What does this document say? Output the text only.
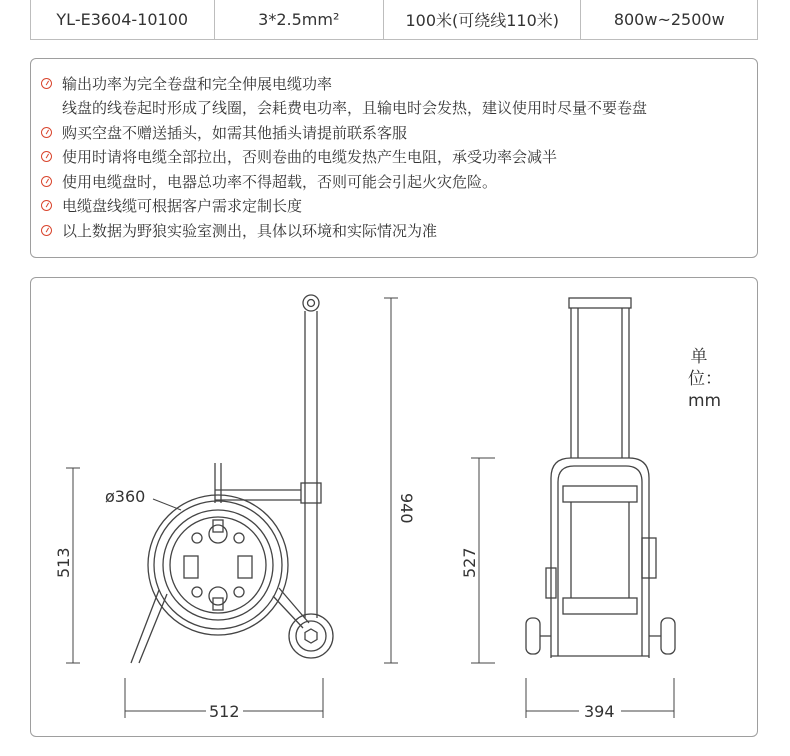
YL-E3604-10100	3*2.5mm²	100米(可绕线110米)	800w~2500w
输出功率为完全卷盘和完全伸展电缆功率
线盘的线卷起时形成了线圈，会耗费电功率，且输电时会发热，建议使用时尽量不要卷盘
购买空盘不赠送插头，如需其他插头请提前联系客服
使用时请将电缆全部拉出，否则卷曲的电缆发热产生电阻，承受功率会减半
使用电缆盘时，电器总功率不得超载，否则可能会引起火灾危险。
电缆盘线缆可根据客户需求定制长度
以上数据为野狼实验室测出，具体以环境和实际情况为准
ø360	940
513
512
527
394
单位：mm
